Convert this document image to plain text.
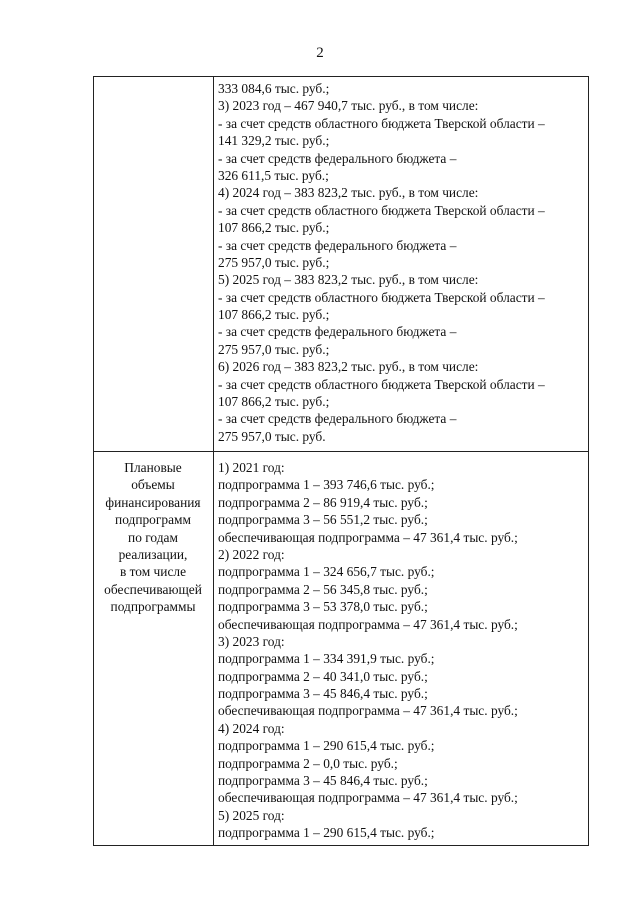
2
333 084,6 тыс. руб.;
3) 2023 год – 467 940,7 тыс. руб., в том числе:
- за счет средств областного бюджета Тверской области –
141 329,2 тыс. руб.;
- за счет средств федерального бюджета –
326 611,5 тыс. руб.;
4) 2024 год – 383 823,2 тыс. руб., в том числе:
- за счет средств областного бюджета Тверской области –
107 866,2 тыс. руб.;
- за счет средств федерального бюджета –
275 957,0 тыс. руб.;
5) 2025 год – 383 823,2 тыс. руб., в том числе:
- за счет средств областного бюджета Тверской области –
107 866,2 тыс. руб.;
- за счет средств федерального бюджета –
275 957,0 тыс. руб.;
6) 2026 год – 383 823,2 тыс. руб., в том числе:
- за счет средств областного бюджета Тверской области –
107 866,2 тыс. руб.;
- за счет средств федерального бюджета –
275 957,0 тыс. руб.
Плановые
объемы
финансирования
подпрограмм
по годам
реализации,
в том числе
обеспечивающей
подпрограммы
1) 2021 год:
подпрограмма 1 – 393 746,6 тыс. руб.;
подпрограмма 2 – 86 919,4 тыс. руб.;
подпрограмма 3 – 56 551,2 тыс. руб.;
обеспечивающая подпрограмма – 47 361,4 тыс. руб.;
2) 2022 год:
подпрограмма 1 – 324 656,7 тыс. руб.;
подпрограмма 2 – 56 345,8 тыс. руб.;
подпрограмма 3 – 53 378,0 тыс. руб.;
обеспечивающая подпрограмма – 47 361,4 тыс. руб.;
3) 2023 год:
подпрограмма 1 – 334 391,9 тыс. руб.;
подпрограмма 2 – 40 341,0 тыс. руб.;
подпрограмма 3 – 45 846,4 тыс. руб.;
обеспечивающая подпрограмма – 47 361,4 тыс. руб.;
4) 2024 год:
подпрограмма 1 – 290 615,4 тыс. руб.;
подпрограмма 2 – 0,0 тыс. руб.;
подпрограмма 3 – 45 846,4 тыс. руб.;
обеспечивающая подпрограмма – 47 361,4 тыс. руб.;
5) 2025 год:
подпрограмма 1 – 290 615,4 тыс. руб.;
